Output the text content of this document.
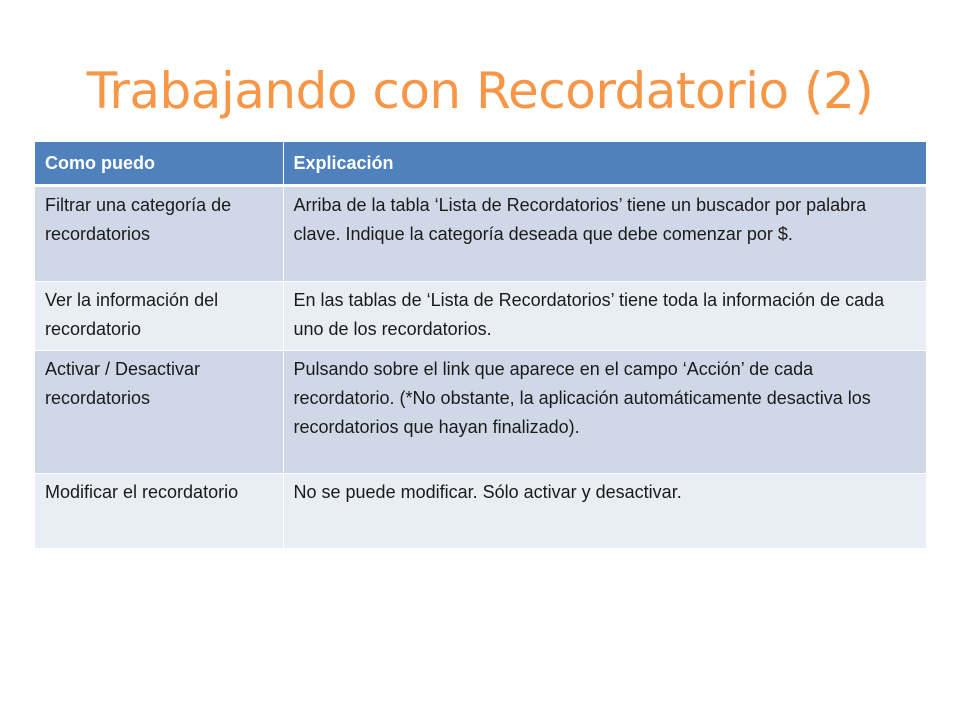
Trabajando con Recordatorio (2)
Como puedo	Explicación
Filtrar una categoría de recordatorios	Arriba de la tabla ‘Lista de Recordatorios’ tiene un buscador por palabra clave. Indique la categoría deseada que debe comenzar por $.
Ver la información del recordatorio	En las tablas de ‘Lista de Recordatorios’ tiene toda la información de cada uno de los recordatorios.
Activar / Desactivar recordatorios	Pulsando sobre el link que aparece en el campo ‘Acción’ de cada recordatorio. (*No obstante, la aplicación automáticamente desactiva los recordatorios que hayan finalizado).
Modificar el recordatorio	No se puede modificar. Sólo activar y desactivar.
